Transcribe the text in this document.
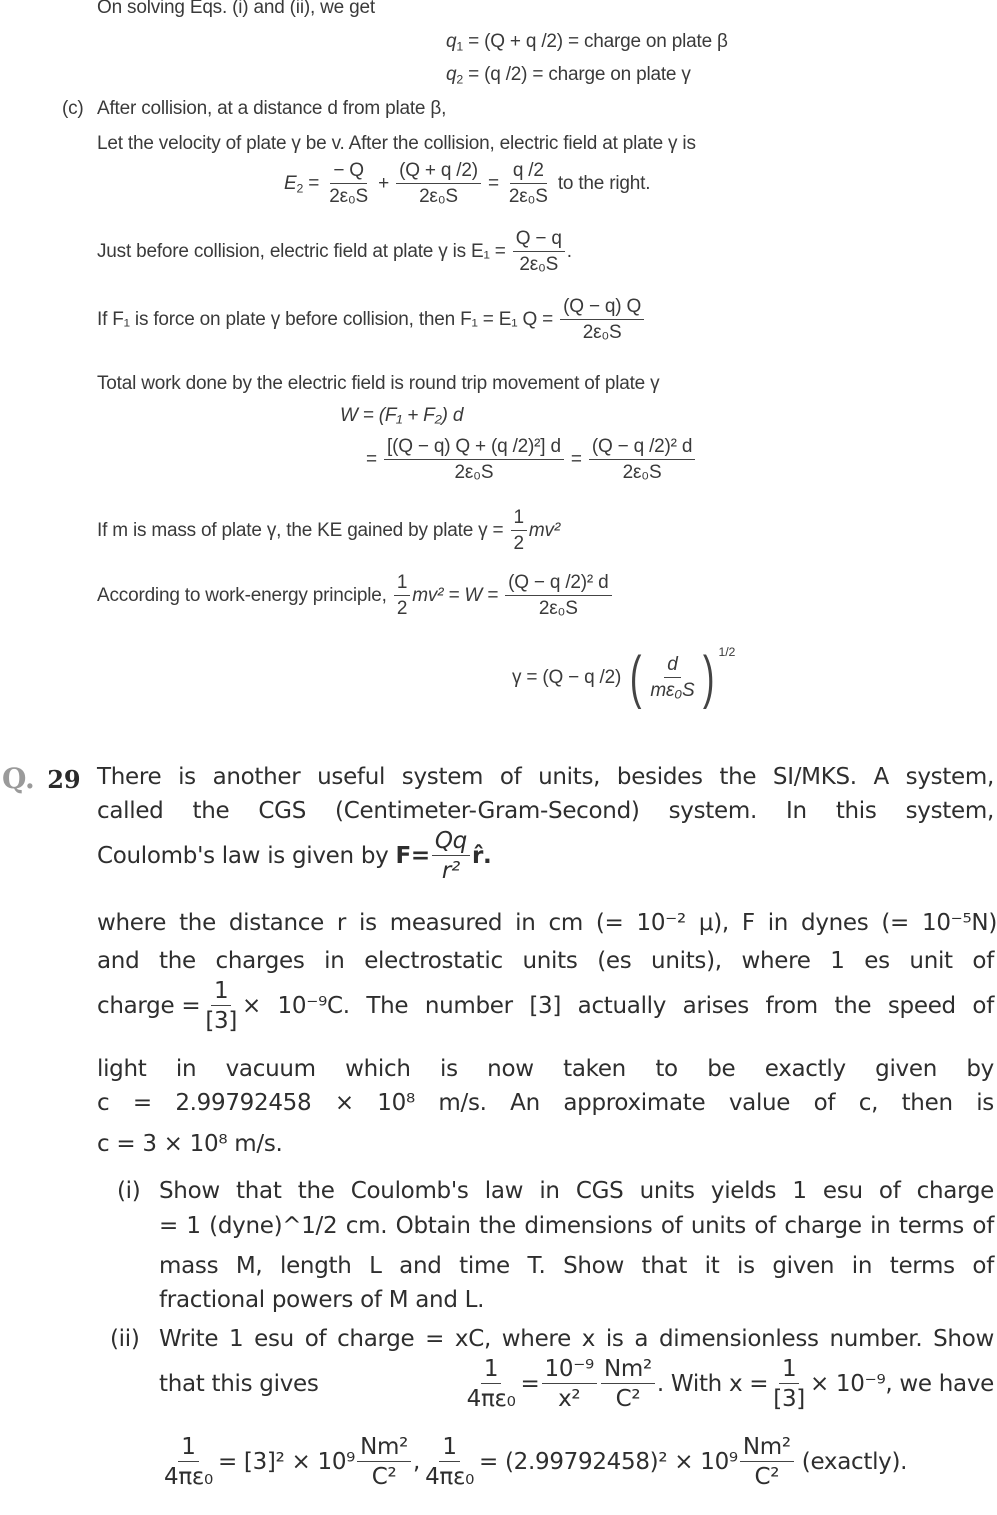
On solving Eqs. (i) and (ii), we get
$q_1 = (Q + q$ /2) = charge on plate β
$q_2 = (q$ /2) = charge on plate γ
(c) After collision, at a distance d from plate β,
Let the velocity of plate γ be v. After the collision, electric field at plate γ is
$E_2 = \frac{- Q}{\text{2ε₀S}} + \frac{(Q + q /2)}{\text{2ε₀S}} = \frac{q /2}{\text{2ε₀S}}$ to the right.
Just before collision, electric field at plate γ is $E_1 = \frac{Q - q}{\text{2ε₀S}}$ .
If F₁ is force on plate γ before collision, then F₁ = E₁ $Q = \frac{(Q - q) Q}{\text{2ε₀S}}$
Total work done by the electric field is round trip movement of plate γ
W = (F₁ + F₂) d
= $\frac{\text{[(Q − q) Q + (q /2)²] d}}{\text{2ε₀S}} = \frac{\text{(Q − q /2)² d}}{\text{2ε₀S}}$
If m is mass of plate γ, the KE gained by plate $\gamma = \frac{1}{2} mv^2$
According to work-energy principle, $\frac{1}{2} mv^2 = W = \frac{\text{(Q − q /2)² d}}{\text{2ε₀S}}$
γ = (Q − q /2) ( $\frac{d}{\text{mε₀S}}$ ) $^{1/2}$
Q. 29 There is another useful system of units, besides the SI/MKS. A system,
called the CGS (Centimeter-Gram-Second) system. In this system,
Coulomb's law is given by $F= \frac{Qq}{\text{r²}}$ r̂.
where the distance r is measured in cm (= 10⁻² μ), F in dynes (= 10⁻⁵N)
and the charges in electrostatic units (es units), where 1 es unit of
charge = $\frac{1}{[3]} \times 10^{-9}C$. The number [3] actually arises from the speed of
light in vacuum which is now taken to be exactly given by
c = 2.99792458 × 10⁸ m/s. An approximate value of c, then is
c = 3 × 10⁸ m/s.
(i) Show that the Coulomb's law in CGS units yields 1 esu of charge
= 1 (dyne)^1/2 cm. Obtain the dimensions of units of charge in terms of
mass M, length L and time T. Show that it is given in terms of
fractional powers of M and L.
(ii) Write 1 esu of charge = xC, where x is a dimensionless number. Show
that this gives	$\frac{1}{\text{4πε₀}} = \frac{\text{10⁻⁹}}{\text{x²}} \frac{\text{Nm²}}{\text{C²}}$ . With $x = \frac{1}{[3]} \times 10^{-9}$, we have
$\frac{1}{\text{4πε₀}} = [3]^2 \times 10^9 \frac{\text{Nm²}}{\text{C²}}$ , $\frac{1}{\text{4πε₀}} = (2.99792458)^2 \times 10^9 \frac{\text{Nm²}}{\text{C²}}$ (exactly).
